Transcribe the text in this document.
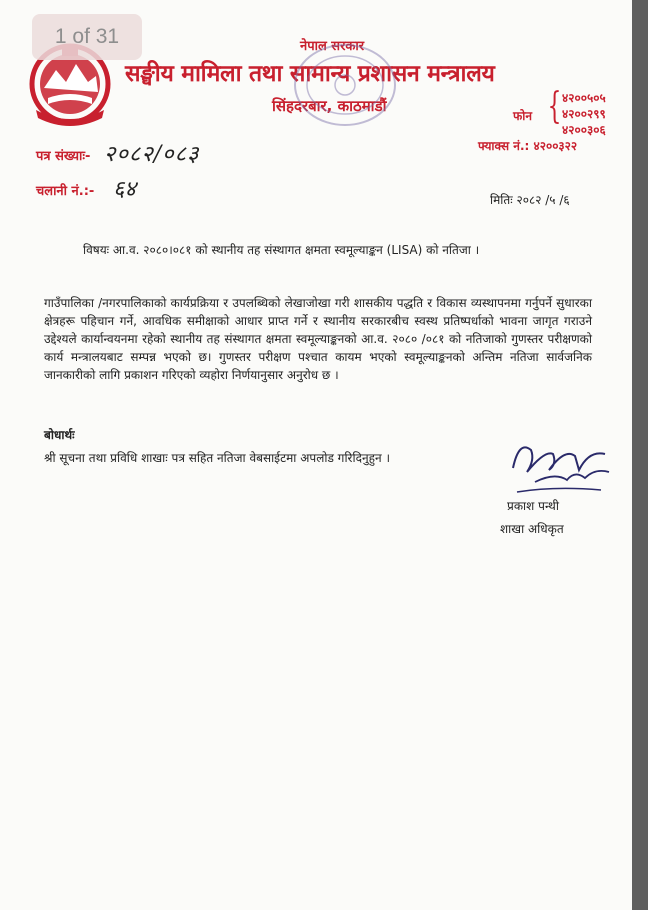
नेपाल सरकार
सङ्घीय मामिला तथा सामान्य प्रशासन मन्त्रालय
सिंहदरबार, काठमाडौं
फोन { ४२००५०५
४२००२९९
४२००३०६
फ्याक्स नं.: ४२००३२२
पत्र संख्याः- २०८२/०८३
चलानी नं.:- ६४	मितिः २०८२ /५ /६
विषयः आ.व. २०८०।०८१ को स्थानीय तह संस्थागत क्षमता स्वमूल्याङ्कन (LISA) को नतिजा ।
गाउँपालिका /नगरपालिकाको कार्यप्रक्रिया र उपलब्धिको लेखाजोखा गरी शासकीय पद्धति र विकास व्यस्थापनमा गर्नुपर्ने सुधारका क्षेत्रहरू पहिचान गर्ने, आवधिक समीक्षाको आधार प्राप्त गर्ने र स्थानीय सरकारबीच स्वस्थ प्रतिष्पर्धाको भावना जागृत गराउने उद्देश्यले कार्यान्वयनमा रहेको स्थानीय तह संस्थागत क्षमता स्वमूल्याङ्कनको आ.व. २०८० /०८१ को नतिजाको गुणस्तर परीक्षणको कार्य मन्त्रालयबाट सम्पन्न भएको छ। गुणस्तर परीक्षण पश्चात कायम भएको स्वमूल्याङ्कनको अन्तिम नतिजा सार्वजनिक जानकारीको लागि प्रकाशन गरिएको व्यहोरा निर्णयानुसार अनुरोध छ ।
बोधार्थः
श्री सूचना तथा प्रविधि शाखाः पत्र सहित नतिजा वेबसाईटमा अपलोड गरिदिनुहुन ।
प्रकाश पन्थी
शाखा अधिकृत
1 of 31
